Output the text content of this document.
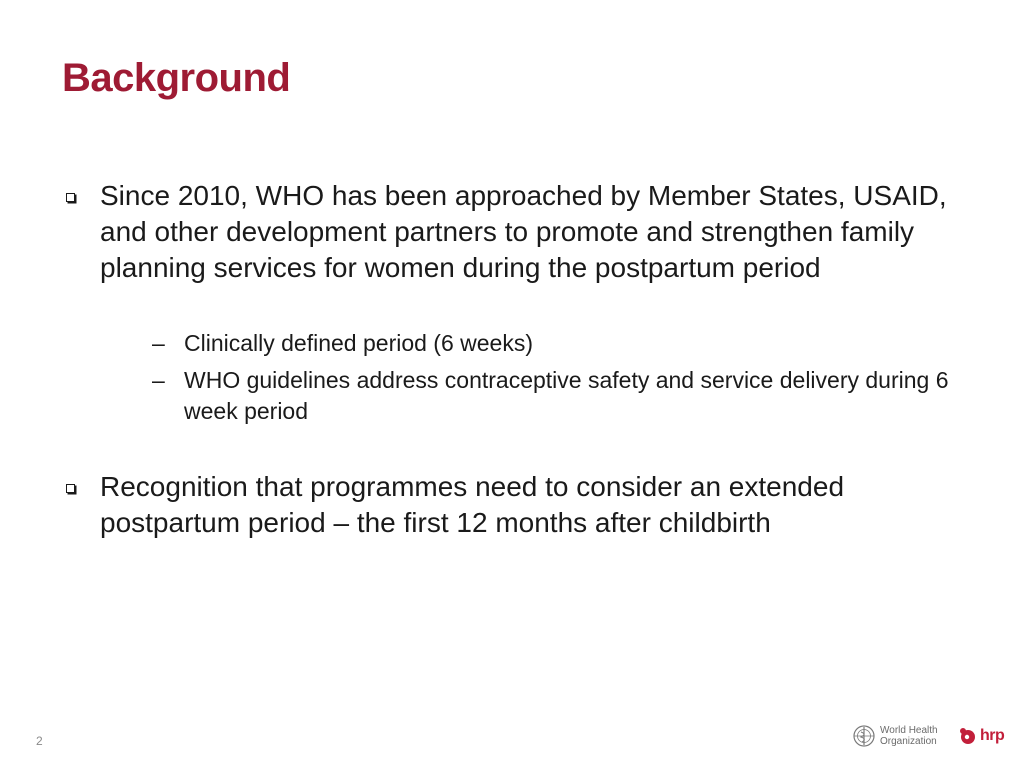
Background
Since 2010, WHO has been approached by Member States, USAID, and other development partners to promote and strengthen family planning services for women during the postpartum period
– Clinically defined period (6 weeks)
– WHO guidelines address contraceptive safety and service delivery during 6 week period
Recognition that programmes need to consider an extended postpartum period – the first 12 months after childbirth
2
World Health Organization	hrp
